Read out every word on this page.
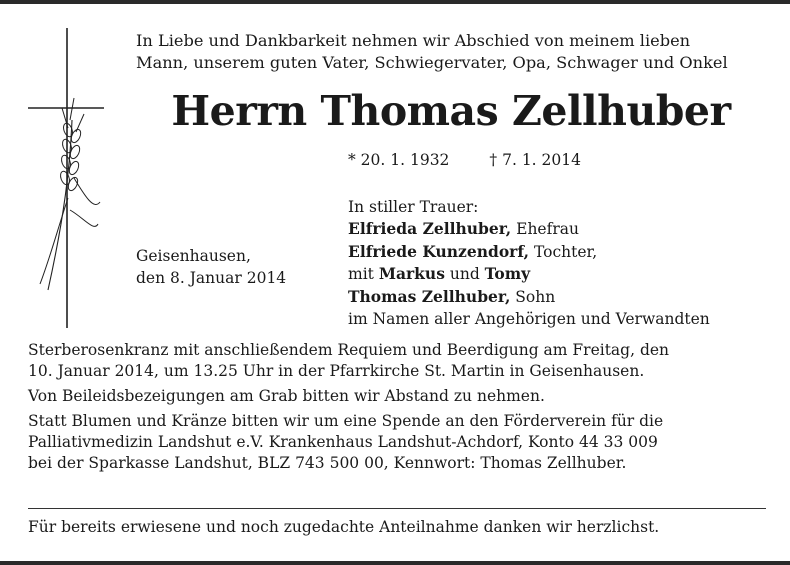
In Liebe und Dankbarkeit nehmen wir Abschied von meinem lieben
Mann, unserem guten Vater, Schwiegervater, Opa, Schwager und Onkel
Herrn Thomas Zellhuber
* 20. 1. 1932	† 7. 1. 2014
Geisenhausen,
den 8. Januar 2014
In stiller Trauer:
Elfrieda Zellhuber, Ehefrau
Elfriede Kunzendorf, Tochter,
mit Markus und Tomy
Thomas Zellhuber, Sohn
im Namen aller Angehörigen und Verwandten

Sterberosenkranz mit anschließendem Requiem und Beerdigung am Freitag, den
10. Januar 2014, um 13.25 Uhr in der Pfarrkirche St. Martin in Geisenhausen.

Von Beileidsbezeigungen am Grab bitten wir Abstand zu nehmen.

Statt Blumen und Kränze bitten wir um eine Spende an den Förderverein für die
Palliativmedizin Landshut e.V. Krankenhaus Landshut-Achdorf, Konto 44 33 009
bei der Sparkasse Landshut, BLZ 743 500 00, Kennwort: Thomas Zellhuber.

Für bereits erwiesene und noch zugedachte Anteilnahme danken wir herzlichst.
